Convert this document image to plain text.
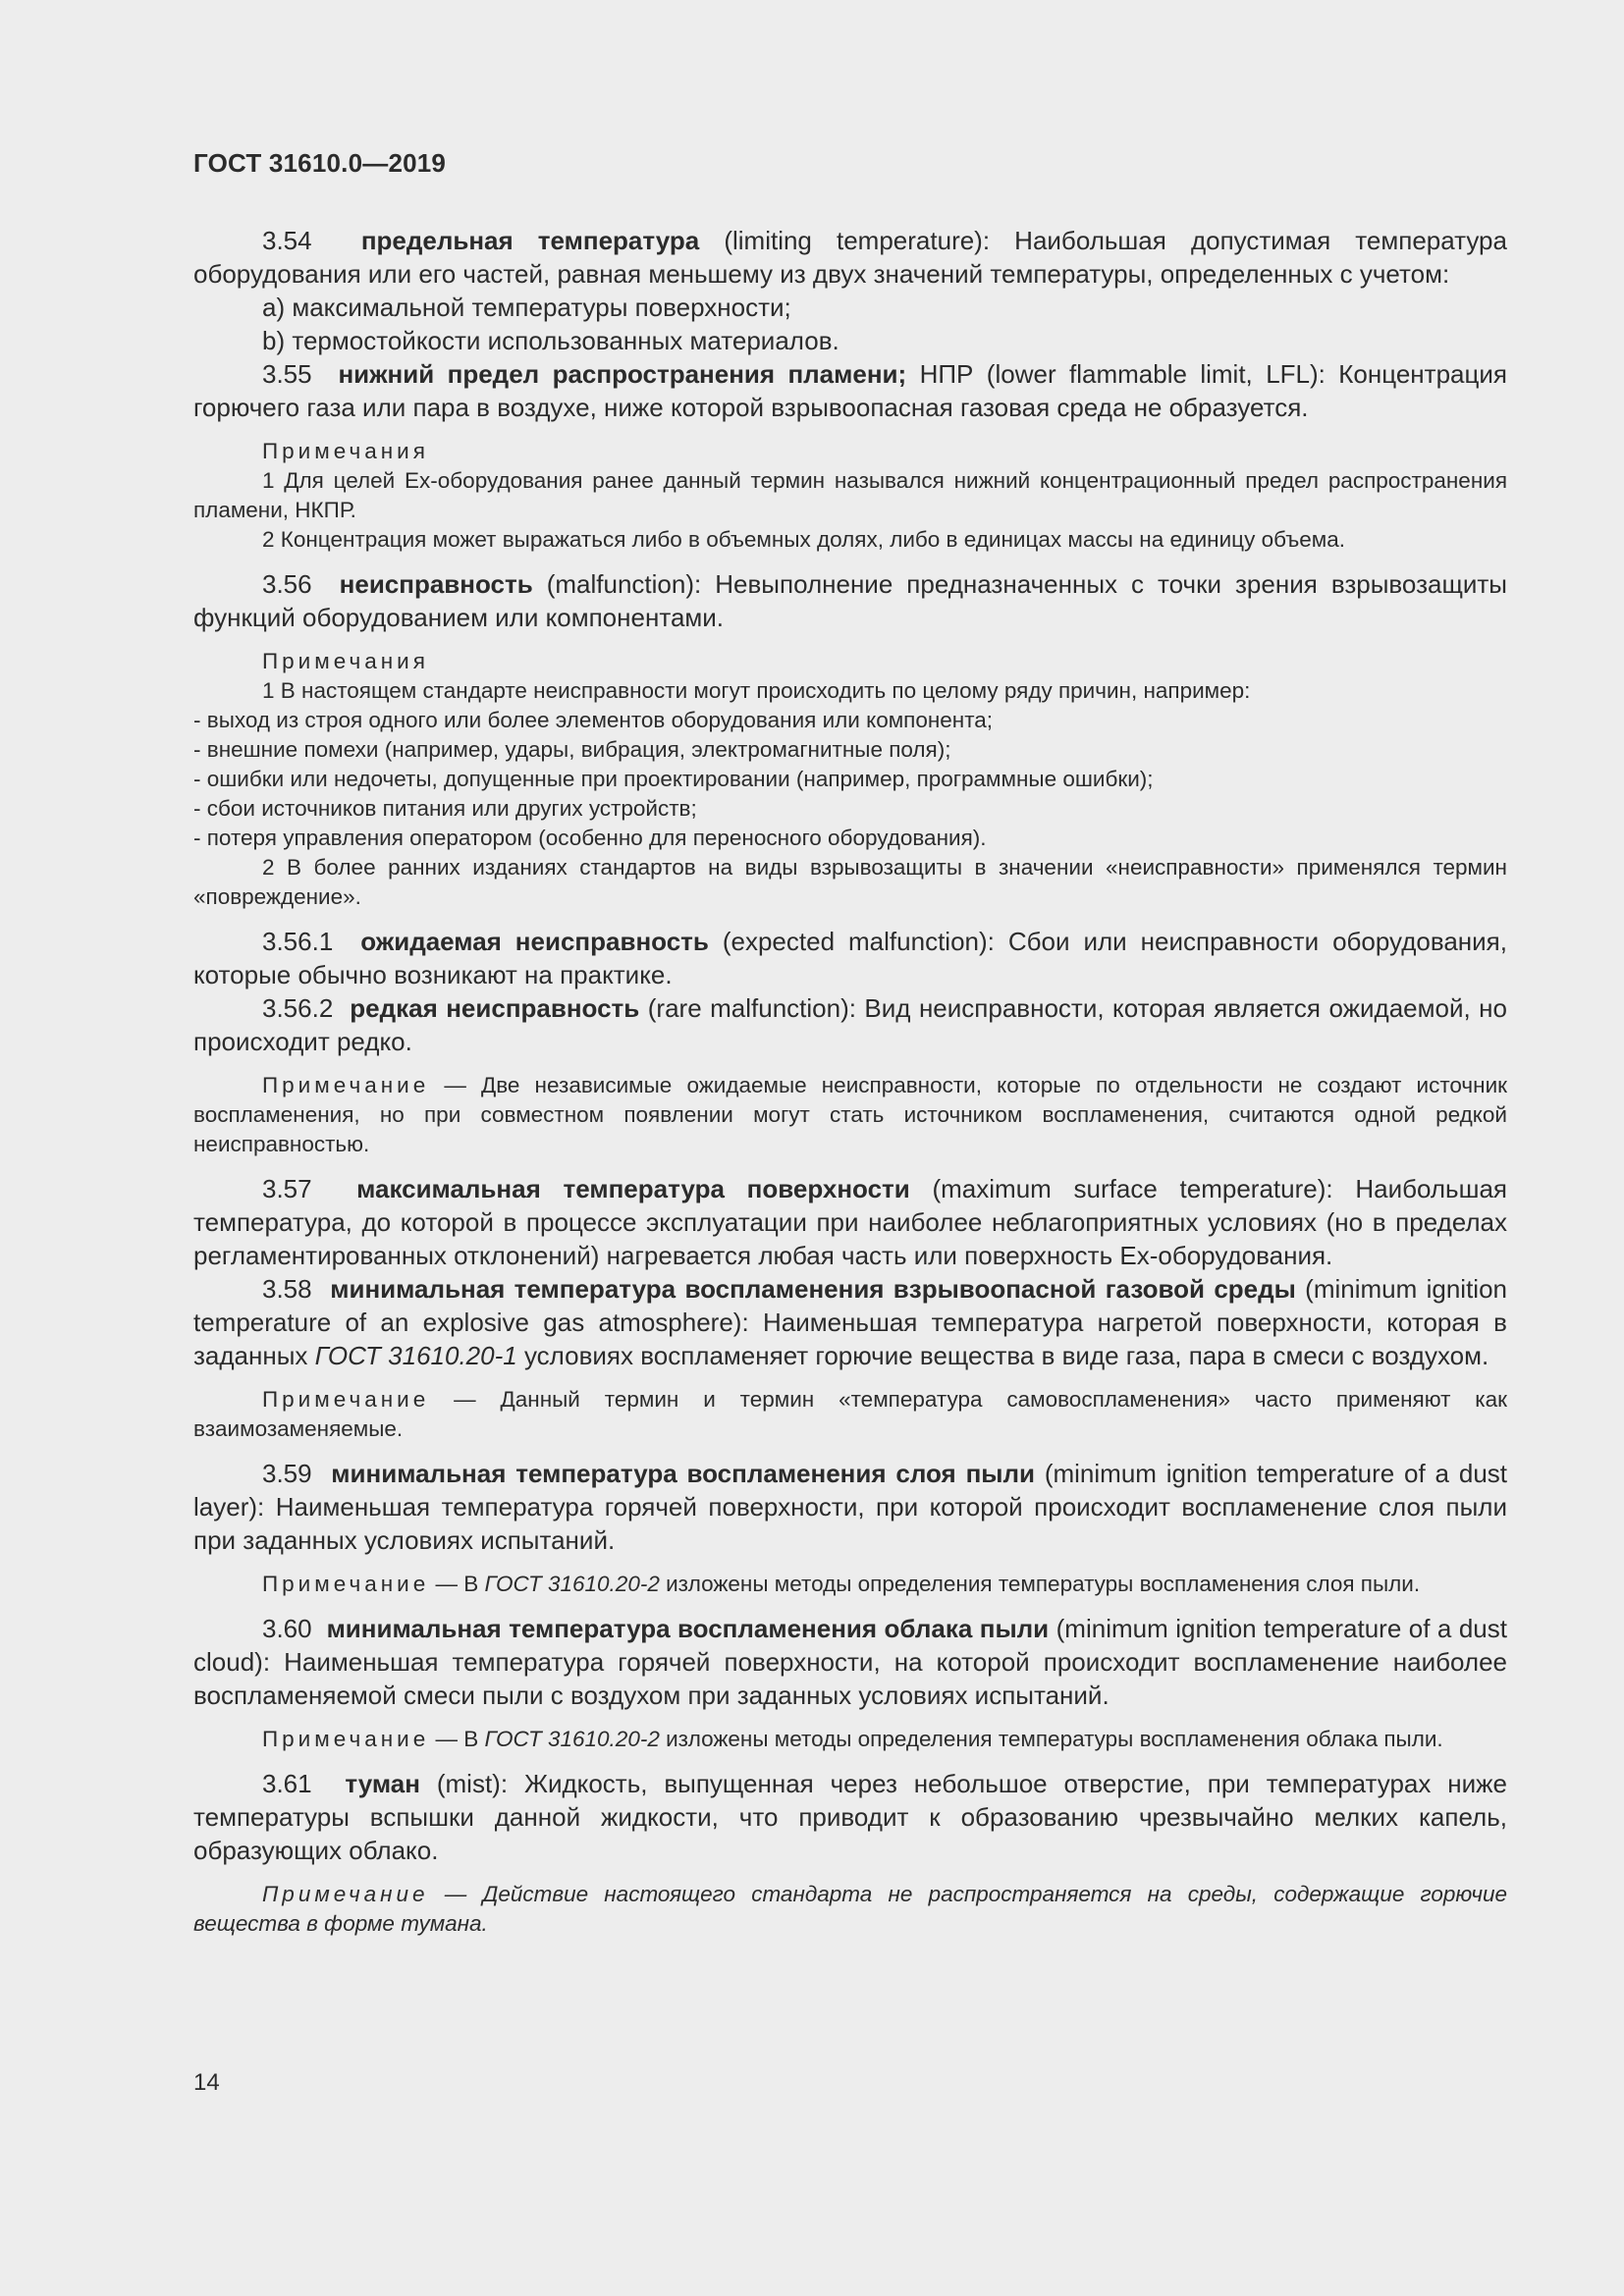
ГОСТ 31610.0—2019

3.54 предельная температура (limiting temperature): Наибольшая допустимая температура оборудования или его частей, равная меньшему из двух значений температуры, определенных с учетом:

a) максимальной температуры поверхности;

b) термостойкости использованных материалов.

3.55 нижний предел распространения пламени; НПР (lower flammable limit, LFL): Концентрация горючего газа или пара в воздухе, ниже которой взрывоопасная газовая среда не образуется.

Примечания

1 Для целей Ex-оборудования ранее данный термин назывался нижний концентрационный предел распространения пламени, НКПР.

2 Концентрация может выражаться либо в объемных долях, либо в единицах массы на единицу объема.

3.56 неисправность (malfunction): Невыполнение предназначенных с точки зрения взрывозащиты функций оборудованием или компонентами.

Примечания

1 В настоящем стандарте неисправности могут происходить по целому ряду причин, например:

- выход из строя одного или более элементов оборудования или компонента;

- внешние помехи (например, удары, вибрация, электромагнитные поля);

- ошибки или недочеты, допущенные при проектировании (например, программные ошибки);

- сбои источников питания или других устройств;

- потеря управления оператором (особенно для переносного оборудования).

2 В более ранних изданиях стандартов на виды взрывозащиты в значении «неисправности» применялся термин «повреждение».

3.56.1 ожидаемая неисправность (expected malfunction): Сбои или неисправности оборудования, которые обычно возникают на практике.

3.56.2 редкая неисправность (rare malfunction): Вид неисправности, которая является ожидаемой, но происходит редко.

Примечание — Две независимые ожидаемые неисправности, которые по отдельности не создают источник воспламенения, но при совместном появлении могут стать источником воспламенения, считаются одной редкой неисправностью.

3.57 максимальная температура поверхности (maximum surface temperature): Наибольшая температура, до которой в процессе эксплуатации при наиболее неблагоприятных условиях (но в пределах регламентированных отклонений) нагревается любая часть или поверхность Ex-оборудования.

3.58 минимальная температура воспламенения взрывоопасной газовой среды (minimum ignition temperature of an explosive gas atmosphere): Наименьшая температура нагретой поверхности, которая в заданных ГОСТ 31610.20-1 условиях воспламеняет горючие вещества в виде газа, пара в смеси с воздухом.

Примечание — Данный термин и термин «температура самовоспламенения» часто применяют как взаимозаменяемые.

3.59 минимальная температура воспламенения слоя пыли (minimum ignition temperature of a dust layer): Наименьшая температура горячей поверхности, при которой происходит воспламенение слоя пыли при заданных условиях испытаний.

Примечание — В ГОСТ 31610.20-2 изложены методы определения температуры воспламенения слоя пыли.

3.60 минимальная температура воспламенения облака пыли (minimum ignition temperature of a dust cloud): Наименьшая температура горячей поверхности, на которой происходит воспламенение наиболее воспламеняемой смеси пыли с воздухом при заданных условиях испытаний.

Примечание — В ГОСТ 31610.20-2 изложены методы определения температуры воспламенения облака пыли.

3.61 туман (mist): Жидкость, выпущенная через небольшое отверстие, при температурах ниже температуры вспышки данной жидкости, что приводит к образованию чрезвычайно мелких капель, образующих облако.

Примечание — Действие настоящего стандарта не распространяется на среды, содержащие горючие вещества в форме тумана.

14
